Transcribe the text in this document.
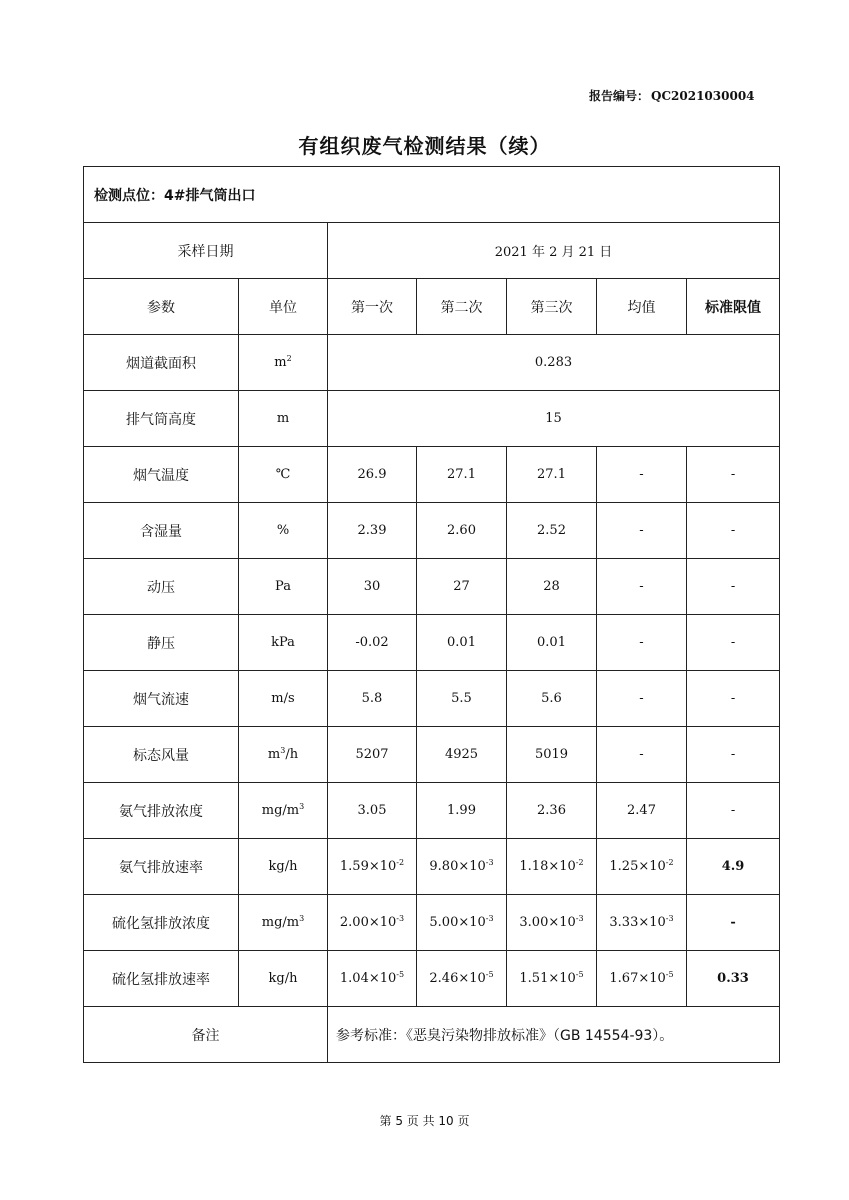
报告编号： QC2021030004
有组织废气检测结果（续）
检测点位：4#排气筒出口						
采样日期		2021 年 2 月 21 日				
参数	单位	第一次	第二次	第三次	均值	标准限值
烟道截面积	$m^2$	0.283				
排气筒高度	m	15				
烟气温度	℃	26.9	27.1	27.1	-	-
含湿量	%	2.39	2.60	2.52	-	-
动压	Pa	30	27	28	-	-
静压	kPa	-0.02	0.01	0.01	-	-
烟气流速	m/s	5.8	5.5	5.6	-	-
标态风量	$m^3/h$	5207	4925	5019	-	-
氨气排放浓度	$mg/m^3$	3.05	1.99	2.36	2.47	-
氨气排放速率	kg/h	$1.59\times 10^{-2}$	$9.80\times 10^{-3}$	$1.18\times 10^{-2}$	$1.25\times 10^{-2}$	4.9
硫化氢排放浓度	$mg/m^3$	$2.00\times 10^{-3}$	$5.00\times 10^{-3}$	$3.00\times 10^{-3}$	$3.33\times 10^{-3}$	-
硫化氢排放速率	kg/h	$1.04\times 10^{-5}$	$2.46\times 10^{-5}$	$1.51\times 10^{-5}$	$1.67\times 10^{-5}$	0.33
备注		参考标准：《恶臭污染物排放标准》（GB 14554-93）。				
第 5 页 共 10 页
